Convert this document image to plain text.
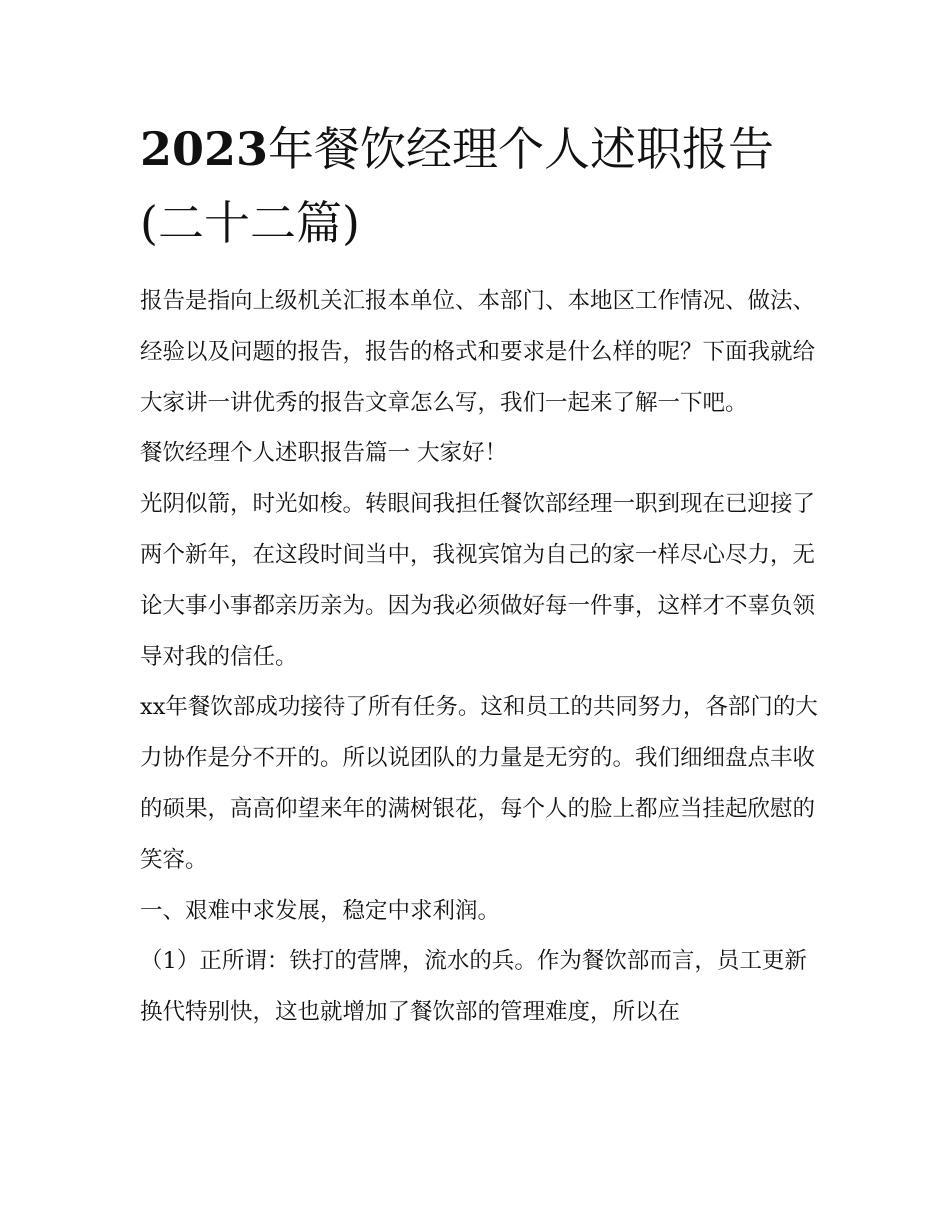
2023年餐饮经理个人述职报告
(二十二篇)

报告是指向上级机关汇报本单位、本部门、本地区工作情况、做法、经验以及问题的报告，报告的格式和要求是什么样的呢？下面我就给大家讲一讲优秀的报告文章怎么写，我们一起来了解一下吧。

餐饮经理个人述职报告篇一 大家好！

光阴似箭，时光如梭。转眼间我担任餐饮部经理一职到现在已迎接了两个新年，在这段时间当中，我视宾馆为自己的家一样尽心尽力，无论大事小事都亲历亲为。因为我必须做好每一件事，这样才不辜负领导对我的信任。

xx年餐饮部成功接待了所有任务。这和员工的共同努力，各部门的大力协作是分不开的。所以说团队的力量是无穷的。我们细细盘点丰收的硕果，高高仰望来年的满树银花，每个人的脸上都应当挂起欣慰的笑容。

一、艰难中求发展，稳定中求利润。

（1）正所谓：铁打的营牌，流水的兵。作为餐饮部而言，员工更新换代特别快，这也就增加了餐饮部的管理难度，所以在
